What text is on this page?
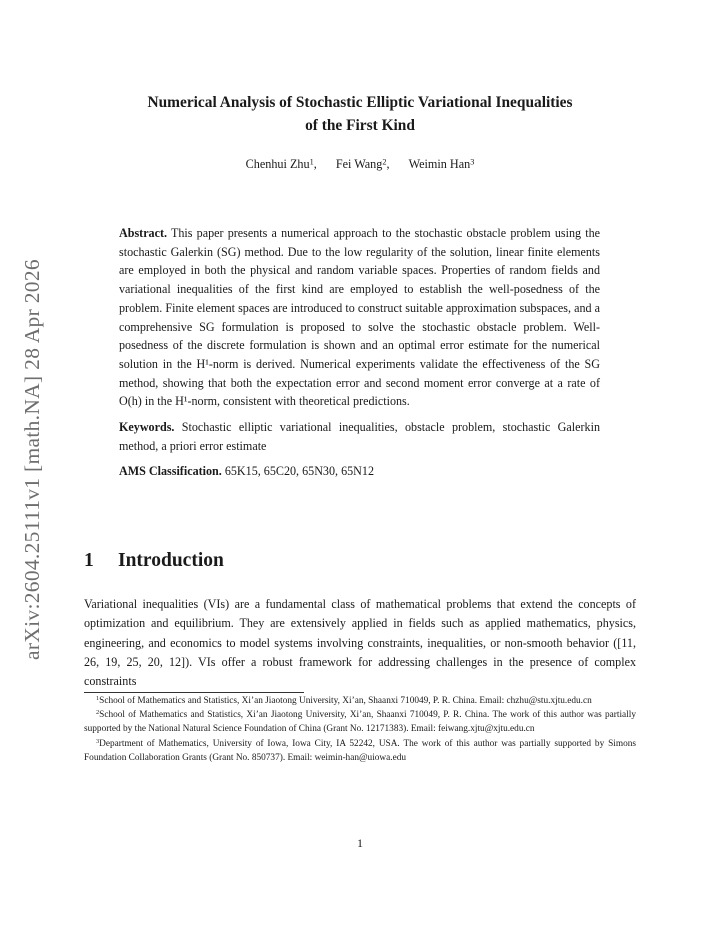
arXiv:2604.25111v1 [math.NA] 28 Apr 2026
Numerical Analysis of Stochastic Elliptic Variational Inequalities
of the First Kind
Chenhui Zhu$^1$, Fei Wang$^2$, Weimin Han$^3$

Abstract. This paper presents a numerical approach to the stochastic obstacle problem using the stochastic Galerkin (SG) method. Due to the low regularity of the solution, linear finite elements are employed in both the physical and random variable spaces. Properties of random fields and variational inequalities of the first kind are employed to establish the well-posedness of the problem. Finite element spaces are introduced to construct suitable approximation subspaces, and a comprehensive SG formulation is proposed to solve the stochastic obstacle problem. Well-posedness of the discrete formulation is shown and an optimal error estimate for the numerical solution in the H¹-norm is derived. Numerical experiments validate the effectiveness of the SG method, showing that both the expectation error and second moment error converge at a rate of O(h) in the H¹-norm, consistent with theoretical predictions.

Keywords. Stochastic elliptic variational inequalities, obstacle problem, stochastic Galerkin method, a priori error estimate

AMS Classification. 65K15, 65C20, 65N30, 65N12

1 Introduction
Variational inequalities (VIs) are a fundamental class of mathematical problems that extend the concepts of optimization and equilibrium. They are extensively applied in fields such as applied mathematics, physics, engineering, and economics to model systems involving constraints, inequalities, or non-smooth behavior ([11, 26, 19, 25, 20, 12]). VIs offer a robust framework for addressing challenges in the presence of complex constraints

$^1$School of Mathematics and Statistics, Xi’an Jiaotong University, Xi’an, Shaanxi 710049, P. R. China. Email: chzhu@stu.xjtu.edu.cn

$^2$School of Mathematics and Statistics, Xi’an Jiaotong University, Xi’an, Shaanxi 710049, P. R. China. The work of this author was partially supported by the National Natural Science Foundation of China (Grant No. 12171383). Email: feiwang.xjtu@xjtu.edu.cn

$^3$Department of Mathematics, University of Iowa, Iowa City, IA 52242, USA. The work of this author was partially supported by Simons Foundation Collaboration Grants (Grant No. 850737). Email: weimin-han@uiowa.edu

1
